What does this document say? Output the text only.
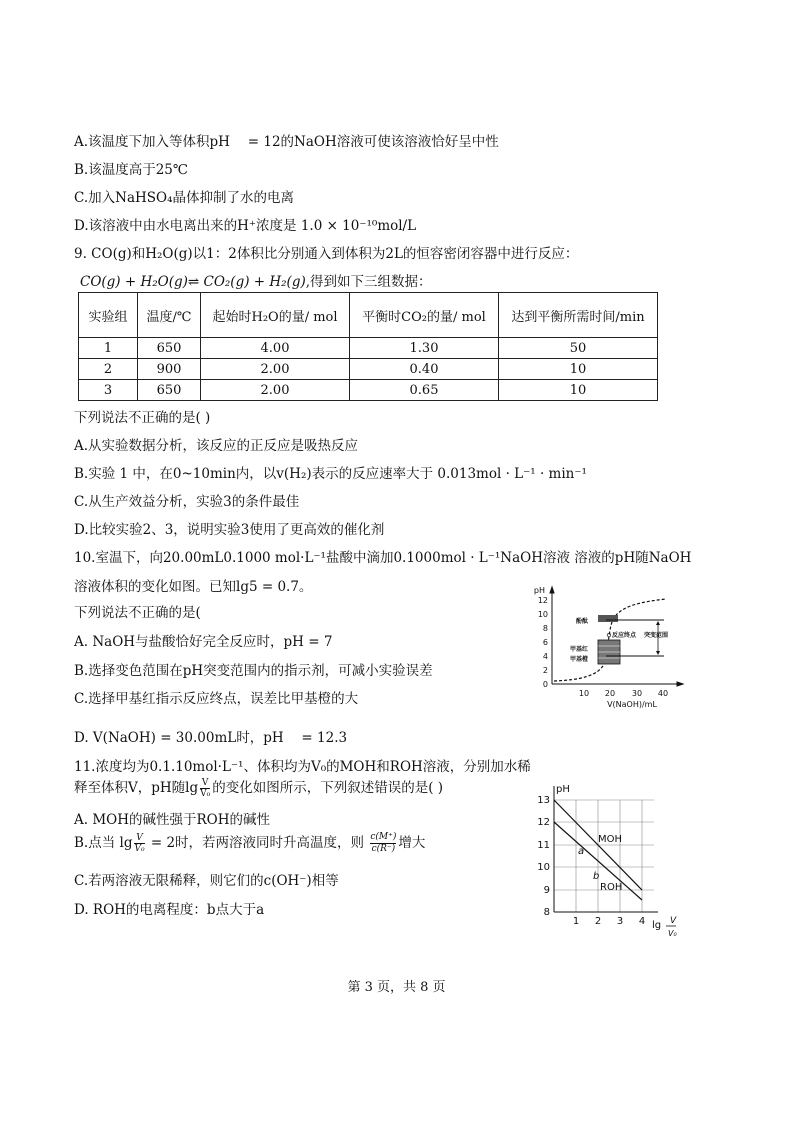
A.该温度下加入等体积pH　 = 12的NaOH溶液可使该溶液恰好呈中性
B.该温度高于25℃
C.加入NaHSO₄晶体抑制了水的电离
D.该溶液中由水电离出来的H⁺浓度是 1.0 × 10⁻¹⁰mol/L
9. CO(g)和H₂O(g)以1：2体积比分别通入到体积为2L的恒容密闭容器中进行反应：
CO(g) + H₂O(g)⇌ CO₂(g) + H₂(g),得到如下三组数据：
实验组	温度/℃	起始时H₂O的量/ mol	平衡时CO₂的量/ mol	达到平衡所需时间/min
1	650	4.00	1.30	50
2	900	2.00	0.40	10
3	650	2.00	0.65	10
下列说法不正确的是( )
A.从实验数据分析，该反应的正反应是吸热反应
B.实验 1 中，在0~10min内，以v(H₂)表示的反应速率大于 0.013mol · L⁻¹ · min⁻¹
C.从生产效益分析，实验3的条件最佳
D.比较实验2、3，说明实验3使用了更高效的催化剂
10.室温下，向20.00mL0.1000 mol·L⁻¹盐酸中滴加0.1000mol · L⁻¹NaOH溶液 溶液的pH随NaOH
溶液体积的变化如图。已知lg5 = 0.7。
下列说法不正确的是(
A. NaOH与盐酸恰好完全反应时，pH = 7
B.选择变色范围在pH突变范围内的指示剂，可减小实验误差
C.选择甲基红指示反应终点，误差比甲基橙的大
D. V(NaOH) = 30.00mL时，pH　 = 12.3
pH
0
2
4
6
8
10
12
10 20 30 40
V(NaOH)/mL
酚酞
反应终点 突变范围
甲基红
甲基橙
11.浓度均为0.1.10mol·L⁻¹、体积均为V₀的MOH和ROH溶液，分别加水稀
释至体积V，pH随$\lg \frac{V}{\text{V₀}}$ 的变化如图所示，下列叙述错误的是( )
A. MOH的碱性强于ROH的碱性
B.点当 $\lg \frac{V}{\text{V₀}} = 2$时，若两溶液同时升高温度，则 $\frac{c(M^+)}{c(R^-)}$ 增大
C.若两溶液无限稀释，则它们的c(OH⁻)相等
D. ROH的电离程度：b点大于a
pH
8
9
10
11
12
13
1 2 3 4 lg V
V₀
MOH
ROH
a
b
第 3 页，共 8 页
